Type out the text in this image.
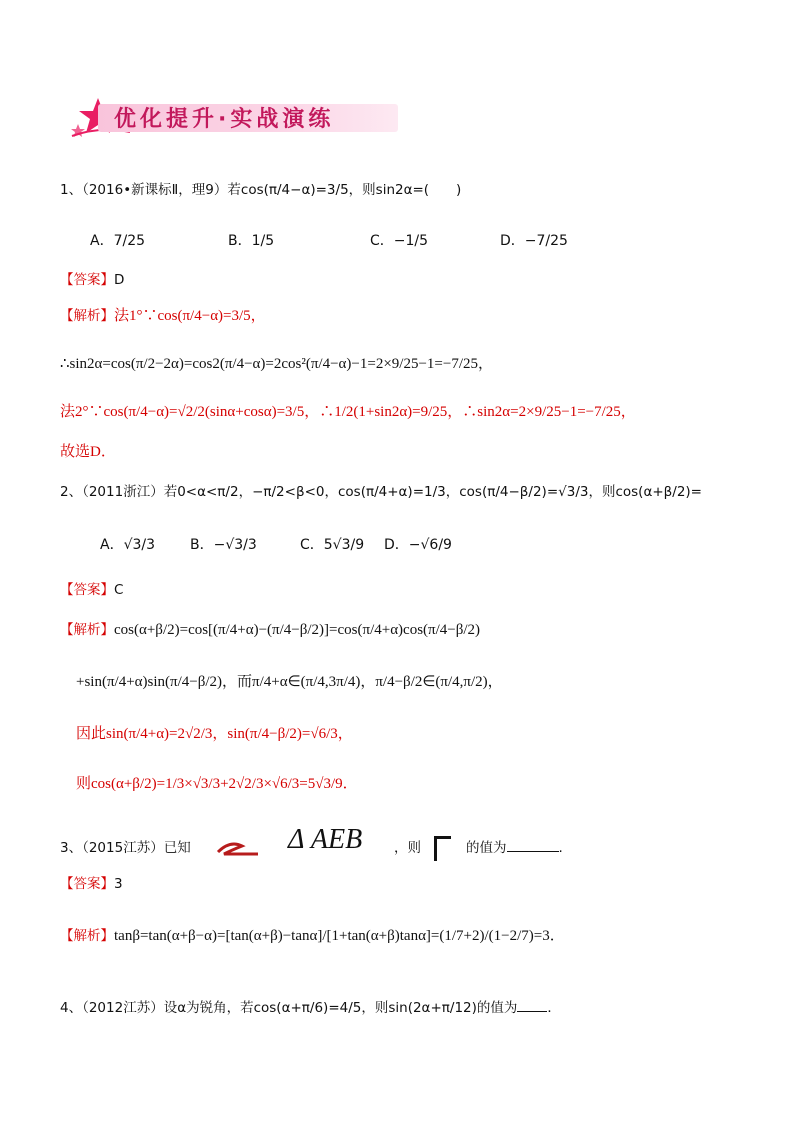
优化提升·实战演练
1、（2016•新课标Ⅱ，理9）若cos(π/4−α)=3/5，则sin2α=(　　)
A．7/25	B．1/5	C．−1/5	D．−7/25
【答案】D
【解析】法1°∵cos(π/4−α)=3/5，
∴sin2α=cos(π/2−2α)=cos2(π/4−α)=2cos²(π/4−α)−1=2×9/25−1=−7/25，
法2°∵cos(π/4−α)=√2/2(sinα+cosα)=3/5，∴1/2(1+sin2α)=9/25，∴sin2α=2×9/25−1=−7/25，
故选D．
2、（2011浙江）若0<α<π/2，−π/2<β<0，cos(π/4+α)=1/3，cos(π/4−β/2)=√3/3，则cos(α+β/2)=
A．√3/3 B．−√3/3	C．5√3/9 D．−√6/9
【答案】C
【解析】cos(α+β/2)=cos[(π/4+α)−(π/4−β/2)]=cos(π/4+α)cos(π/4−β/2)
+sin(π/4+α)sin(π/4−β/2)，而π/4+α∈(π/4,3π/4)，π/4−β/2∈(π/4,π/2)，
因此sin(π/4+α)=2√2/3，sin(π/4−β/2)=√6/3，
则cos(α+β/2)=1/3×√3/3+2√2/3×√6/3=5√3/9．
3、（2015江苏）已知	Δ AEB ，则	的值为	.
【答案】3
【解析】tanβ=tan(α+β−α)=[tan(α+β)−tanα]/[1+tan(α+β)tanα]=(1/7+2)/(1−2/7)=3．
4、（2012江苏）设α为锐角，若cos(α+π/6)=4/5，则sin(2α+π/12)的值为 ．
